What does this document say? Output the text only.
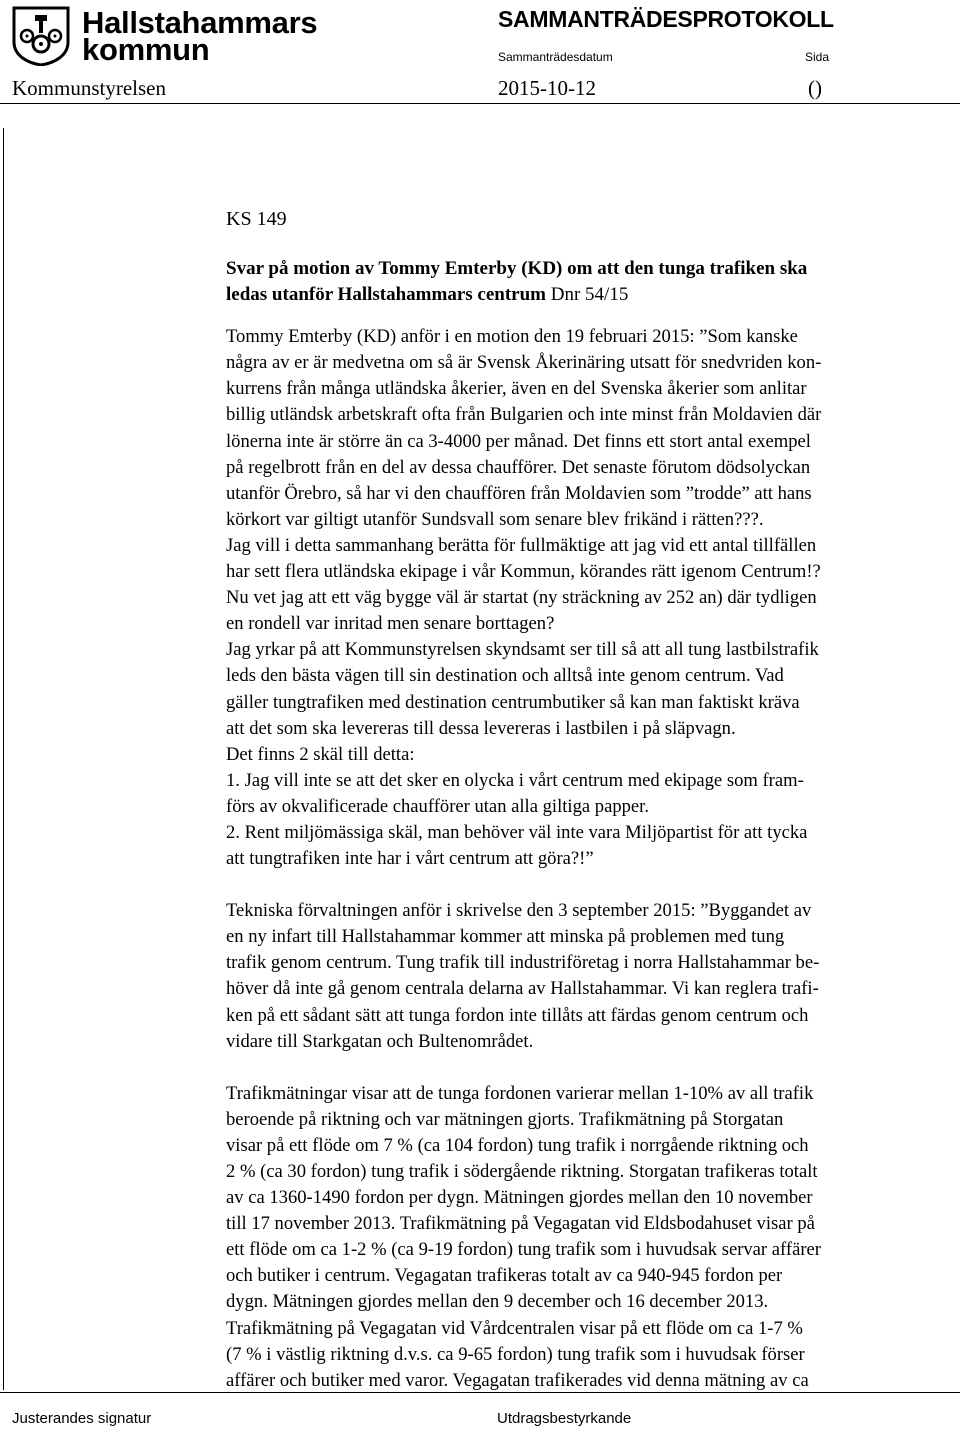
Hallstahammars
kommun
SAMMANTRÄDESPROTOKOLL
Sammanträdesdatum	Sida
Kommunstyrelsen	2015-10-12	()

KS 149

Svar på motion av Tommy Emterby (KD) om att den tunga trafiken ska
ledas utanför Hallstahammars centrum Dnr 54/15

Tommy Emterby (KD) anför i en motion den 19 februari 2015: ”Som kanske
några av er är medvetna om så är Svensk Åkerinäring utsatt för snedvriden kon-
kurrens från många utländska åkerier, även en del Svenska åkerier som anlitar
billig utländsk arbetskraft ofta från Bulgarien och inte minst från Moldavien där
lönerna inte är större än ca 3-4000 per månad. Det finns ett stort antal exempel
på regelbrott från en del av dessa chaufförer. Det senaste förutom dödsolyckan
utanför Örebro, så har vi den chauffören från Moldavien som ”trodde” att hans
körkort var giltigt utanför Sundsvall som senare blev frikänd i rätten???.
Jag vill i detta sammanhang berätta för fullmäktige att jag vid ett antal tillfällen
har sett flera utländska ekipage i vår Kommun, körandes rätt igenom Centrum!?
Nu vet jag att ett väg bygge väl är startat (ny sträckning av 252 an) där tydligen
en rondell var inritad men senare borttagen?
Jag yrkar på att Kommunstyrelsen skyndsamt ser till så att all tung lastbilstrafik
leds den bästa vägen till sin destination och alltså inte genom centrum. Vad
gäller tungtrafiken med destination centrumbutiker så kan man faktiskt kräva
att det som ska levereras till dessa levereras i lastbilen i på släpvagn.
Det finns 2 skäl till detta:
1. Jag vill inte se att det sker en olycka i vårt centrum med ekipage som fram-
förs av okvalificerade chaufförer utan alla giltiga papper.
2. Rent miljömässiga skäl, man behöver väl inte vara Miljöpartist för att tycka
att tungtrafiken inte har i vårt centrum att göra?!”

Tekniska förvaltningen anför i skrivelse den 3 september 2015: ”Byggandet av
en ny infart till Hallstahammar kommer att minska på problemen med tung
trafik genom centrum. Tung trafik till industriföretag i norra Hallstahammar be-
höver då inte gå genom centrala delarna av Hallstahammar. Vi kan reglera trafi-
ken på ett sådant sätt att tunga fordon inte tillåts att färdas genom centrum och
vidare till Starkgatan och Bultenområdet.

Trafikmätningar visar att de tunga fordonen varierar mellan 1-10% av all trafik
beroende på riktning och var mätningen gjorts. Trafikmätning på Storgatan
visar på ett flöde om 7 % (ca 104 fordon) tung trafik i norrgående riktning och
2 % (ca 30 fordon) tung trafik i södergående riktning. Storgatan trafikeras totalt
av ca 1360-1490 fordon per dygn. Mätningen gjordes mellan den 10 november
till 17 november 2013. Trafikmätning på Vegagatan vid Eldsbodahuset visar på
ett flöde om ca 1-2 % (ca 9-19 fordon) tung trafik som i huvudsak servar affärer
och butiker i centrum. Vegagatan trafikeras totalt av ca 940-945 fordon per
dygn. Mätningen gjordes mellan den 9 december och 16 december 2013.
Trafikmätning på Vegagatan vid Vårdcentralen visar på ett flöde om ca 1-7 %
(7 % i västlig riktning d.v.s. ca 9-65 fordon) tung trafik som i huvudsak förser
affärer och butiker med varor. Vegagatan trafikerades vid denna mätning av ca

Justerandes signatur	Utdragsbestyrkande
